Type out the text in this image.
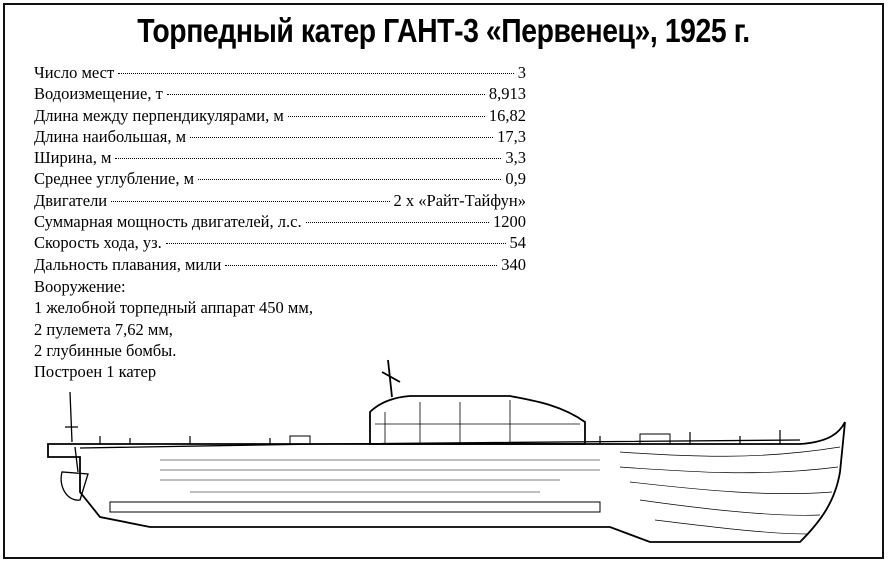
Торпедный катер ГАНТ-3 «Первенец», 1925 г.
Число мест	3
Водоизмещение, т	8,913
Длина между перпендикулярами, м	16,82
Длина наибольшая, м	17,3
Ширина, м	3,3
Среднее углубление, м	0,9
Двигатели	2 х «Райт-Тайфун»
Суммарная мощность двигателей, л.с.	1200
Скорость хода, уз.	54
Дальность плавания, мили	340
Вооружение:
1 желобной торпедный аппарат 450 мм,
2 пулемета 7,62 мм,
2 глубинные бомбы.
Построен 1 катер
